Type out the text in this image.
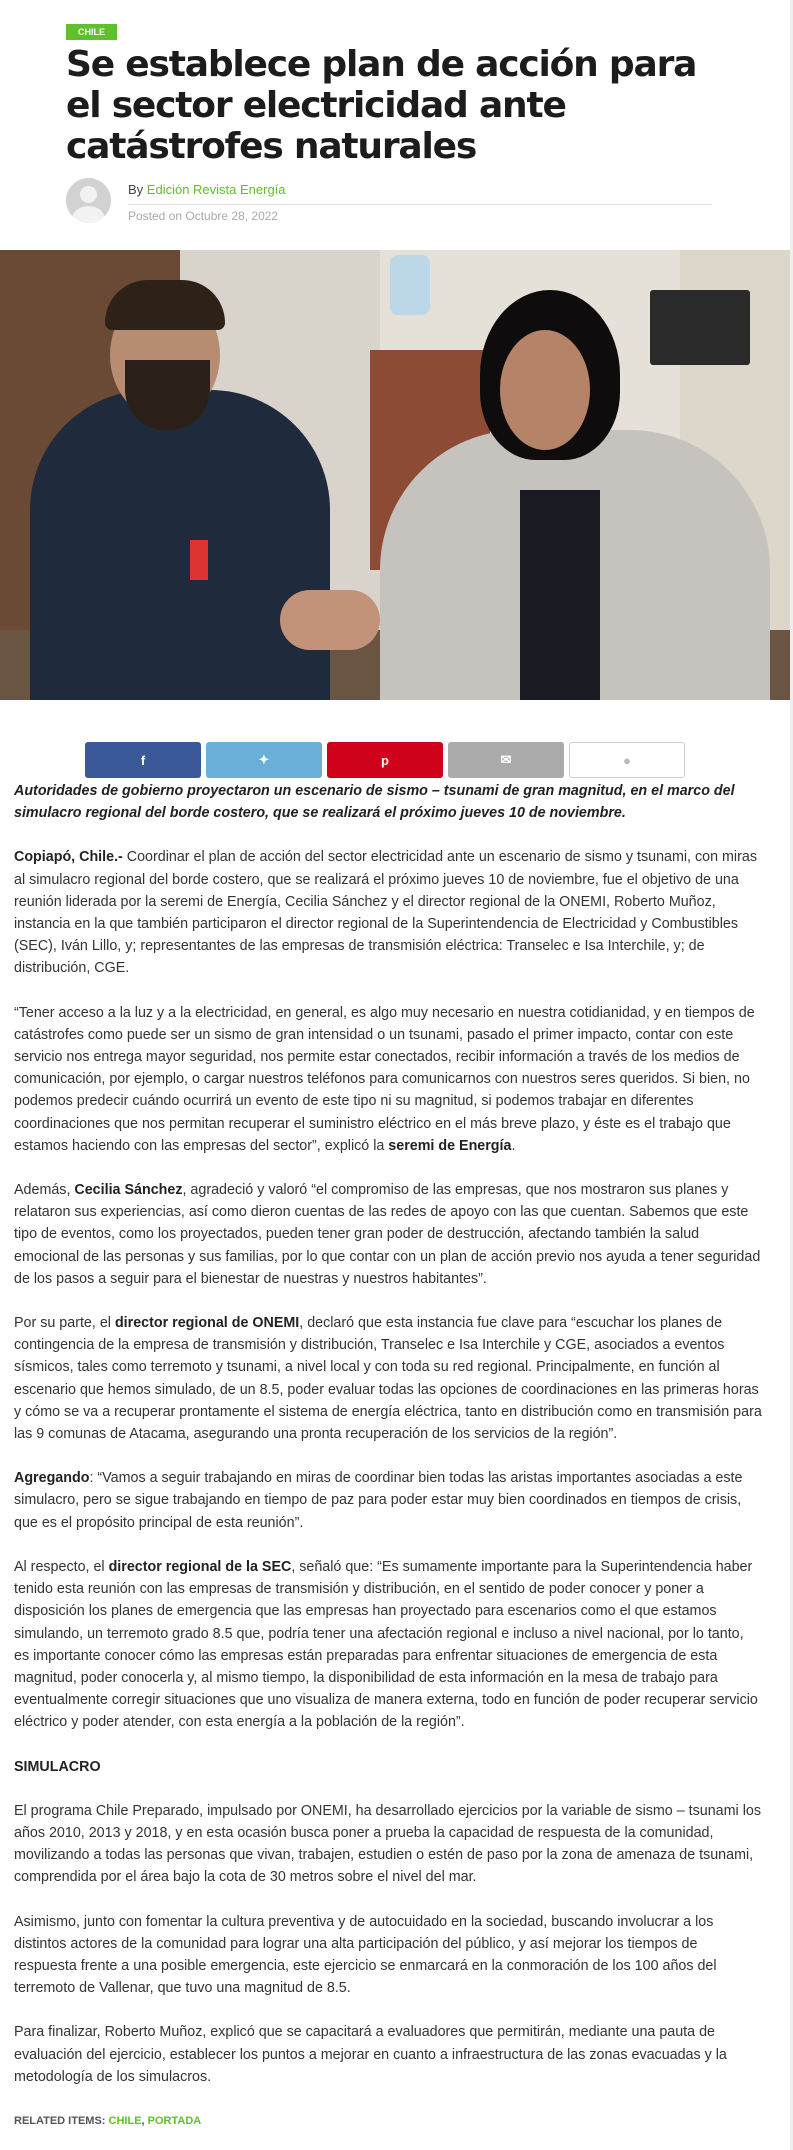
CHILE
Se establece plan de acción para el sector electricidad ante catástrofes naturales
By Edición Revista Energía
Posted on Octubre 28, 2022
f	✦	p	✉	●

Autoridades de gobierno proyectaron un escenario de sismo – tsunami de gran magnitud, en el marco del simulacro regional del borde costero, que se realizará el próximo jueves 10 de noviembre.

Copiapó, Chile.- Coordinar el plan de acción del sector electricidad ante un escenario de sismo y tsunami, con miras al simulacro regional del borde costero, que se realizará el próximo jueves 10 de noviembre, fue el objetivo de una reunión liderada por la seremi de Energía, Cecilia Sánchez y el director regional de la ONEMI, Roberto Muñoz, instancia en la que también participaron el director regional de la Superintendencia de Electricidad y Combustibles (SEC), Iván Lillo, y; representantes de las empresas de transmisión eléctrica: Transelec e Isa Interchile, y; de distribución, CGE.

“Tener acceso a la luz y a la electricidad, en general, es algo muy necesario en nuestra cotidianidad, y en tiempos de catástrofes como puede ser un sismo de gran intensidad o un tsunami, pasado el primer impacto, contar con este servicio nos entrega mayor seguridad, nos permite estar conectados, recibir información a través de los medios de comunicación, por ejemplo, o cargar nuestros teléfonos para comunicarnos con nuestros seres queridos. Si bien, no podemos predecir cuándo ocurrirá un evento de este tipo ni su magnitud, si podemos trabajar en diferentes coordinaciones que nos permitan recuperar el suministro eléctrico en el más breve plazo, y éste es el trabajo que estamos haciendo con las empresas del sector”, explicó la seremi de Energía.

Además, Cecilia Sánchez, agradeció y valoró “el compromiso de las empresas, que nos mostraron sus planes y relataron sus experiencias, así como dieron cuentas de las redes de apoyo con las que cuentan. Sabemos que este tipo de eventos, como los proyectados, pueden tener gran poder de destrucción, afectando también la salud emocional de las personas y sus familias, por lo que contar con un plan de acción previo nos ayuda a tener seguridad de los pasos a seguir para el bienestar de nuestras y nuestros habitantes”.

Por su parte, el director regional de ONEMI, declaró que esta instancia fue clave para “escuchar los planes de contingencia de la empresa de transmisión y distribución, Transelec e Isa Interchile y CGE, asociados a eventos sísmicos, tales como terremoto y tsunami, a nivel local y con toda su red regional. Principalmente, en función al escenario que hemos simulado, de un 8.5, poder evaluar todas las opciones de coordinaciones en las primeras horas y cómo se va a recuperar prontamente el sistema de energía eléctrica, tanto en distribución como en transmisión para las 9 comunas de Atacama, asegurando una pronta recuperación de los servicios de la región”.

Agregando: “Vamos a seguir trabajando en miras de coordinar bien todas las aristas importantes asociadas a este simulacro, pero se sigue trabajando en tiempo de paz para poder estar muy bien coordinados en tiempos de crisis, que es el propósito principal de esta reunión”.

Al respecto, el director regional de la SEC, señaló que: “Es sumamente importante para la Superintendencia haber tenido esta reunión con las empresas de transmisión y distribución, en el sentido de poder conocer y poner a disposición los planes de emergencia que las empresas han proyectado para escenarios como el que estamos simulando, un terremoto grado 8.5 que, podría tener una afectación regional e incluso a nivel nacional, por lo tanto, es importante conocer cómo las empresas están preparadas para enfrentar situaciones de emergencia de esta magnitud, poder conocerla y, al mismo tiempo, la disponibilidad de esta información en la mesa de trabajo para eventualmente corregir situaciones que uno visualiza de manera externa, todo en función de poder recuperar servicio eléctrico y poder atender, con esta energía a la población de la región”.

SIMULACRO

El programa Chile Preparado, impulsado por ONEMI, ha desarrollado ejercicios por la variable de sismo – tsunami los años 2010, 2013 y 2018, y en esta ocasión busca poner a prueba la capacidad de respuesta de la comunidad, movilizando a todas las personas que vivan, trabajen, estudien o estén de paso por la zona de amenaza de tsunami, comprendida por el área bajo la cota de 30 metros sobre el nivel del mar.

Asimismo, junto con fomentar la cultura preventiva y de autocuidado en la sociedad, buscando involucrar a los distintos actores de la comunidad para lograr una alta participación del público, y así mejorar los tiempos de respuesta frente a una posible emergencia, este ejercicio se enmarcará en la conmoración de los 100 años del terremoto de Vallenar, que tuvo una magnitud de 8.5.

Para finalizar, Roberto Muñoz, explicó que se capacitará a evaluadores que permitirán, mediante una pauta de evaluación del ejercicio, establecer los puntos a mejorar en cuanto a infraestructura de las zonas evacuadas y la metodología de los simulacros.

RELATED ITEMS: CHILE, PORTADA
